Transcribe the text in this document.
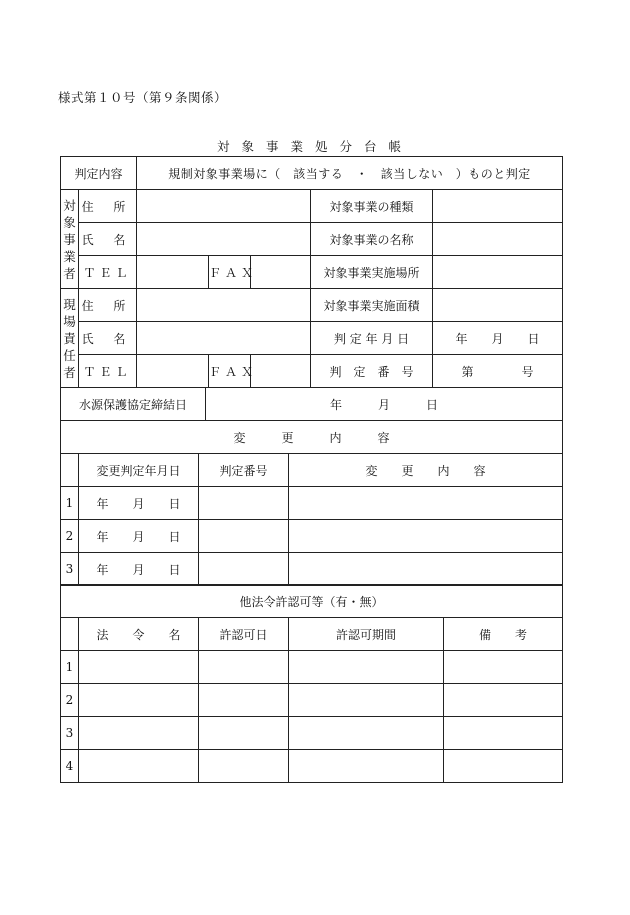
様式第１０号（第９条関係）
対象事業処分台帳
判定内容		規制対象事業場に（　該当する　・　該当しない　）ものと判定				

対
象
事
業
者	住 所				対象事業の種類	
	氏 名				対象事業の名称	
	ＴＥＬ		ＦＡＸ		対象事業実施場所	

現
場
責
任
者	住 所				対象事業実施面積	
	氏 名				判 定 年 月 日	年　　月　　日
	ＴＥＬ		ＦＡＸ		判　定　番　号	第　　　　号
水源保護協定締結日	年　　　月　　　日
変　　　更　　　内　　　容			
	変更判定年月日	判定番号	変　　更　　内　　容
1	年　　月　　日		
2	年　　月　　日		
3	年　　月　　日		
他法令許認可等（有・無）				
	法　　令　　名	許認可日	許認可期間	備　　考
1				
2				
3				
4				
